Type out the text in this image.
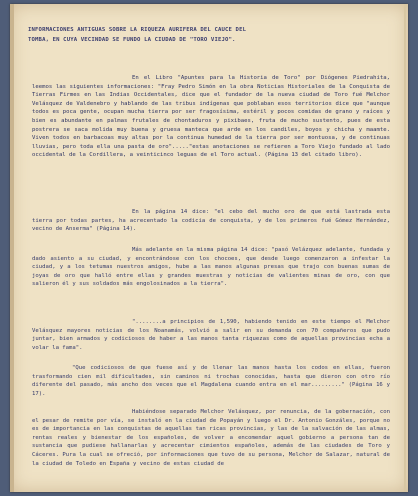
INFORMACIONES ANTIGUAS SOBRE LA RIQUEZA AURIFERA DEL CAUCE DEL
TOMBA, EN CUYA VECINDAD SE FUNDO LA CIUDAD DE "TORO VIEJO".

En el Libro "Apuntes para la Historia de Toro" por Diógenes Piedrahita, leemos las siguientes informaciones: "Fray Pedro Simón en la obra Noticias Historiales de la Conquista de Tierras Firmes en las Indias Occidentales, dice que el fundador de la nueva ciudad de Toro fué Melchor Velásquez de Valdenebro y hablando de las tribus indígenas que poblaban esos territorios dice que "aunque todos es poca gente, ocupan mucha tierra por ser fragosísima, estéril y pocos comidas de grano y raíces y bien es abundante en palmas frutales de chontaduros y pixibaes, fruta de mucho sustento, pues de esta postrera se saca molida muy buena y gruesa manteca que arde en los candiles, boyos y chicha y maamte. Viven todos en barbacoas muy altas por la continua humedad de la tierra por ser montuosa, y de continuas lluvias, pero toda ella una pasta de oro"....."estas anotaciones se refieren a Toro Viejo fundado al lado occidental de la Cordillera, a veinticinco leguas de el Toro actual. (Página 13 del citado libro).

En la página 14 dice: "el cebo del mucho oro de que está lastrada esta tierra por todas partes, ha acrecentado la codicia de conquista, y de los primeros fué Gómez Hernández, vecino de Anserma" (Página 14).

Más adelante en la misma página 14 dice: "pasó Velázquez adelante, fundada y dado asiento a su ciudad, y encontrándose con los chocoes, que desde luego comenzaron a infestar la ciudad, y a los tetumas nuestros amigos, hube a las manos algunas presas que trajo con buenas sumas de joyas de oro que halló entre ellas y grandes muestras y noticias de valientes minas de oro, con que salieron él y sus soldados más engolosinados a la tierra".

"........a principios de 1,590, habiendo tenido en este tiempo el Melchor Velásquez mayores noticias de los Noanamás, volvió a salir en su demanda con 70 compañeros que pudo juntar, bien armados y codiciosos de haber a las manos tanta riquezas como de aquellas provincias echa a volar la fama".

"Que codiciosos de que fuese así y de llenar las manos hasta los codos en ellas, fueron trasformando cien mil dificultades, sin caminos ni trochas conocidas, hasta que dieron con otro río diferente del pasado, más ancho dos veces que el Magdalena cuando entra en el mar........." (Página 16 y 17).

Habiéndose separado Melchor Velásquez, por renuncia, de la gobernación, con el pesar de remite por vía, se instaló en la ciudad de Popayán y luego el Dr. Antonio Gonzáles, porque no es de importancia en las conquistas de aquellas tan ricas provincias, y las de la salvación de las almas, rentas reales y bienestar de los españoles, de volver a encomendar aquel gobierno a persona tan de sustancia que pudiese hallanarlas y acrecentar cimientos españoles, además de las ciudades de Toro y Cáceres. Pura la cual se ofreció, por informaciones que tuvo de su persona, Melchor de Salazar, natural de la ciudad de Toledo en España y vecino de estas ciudad de
